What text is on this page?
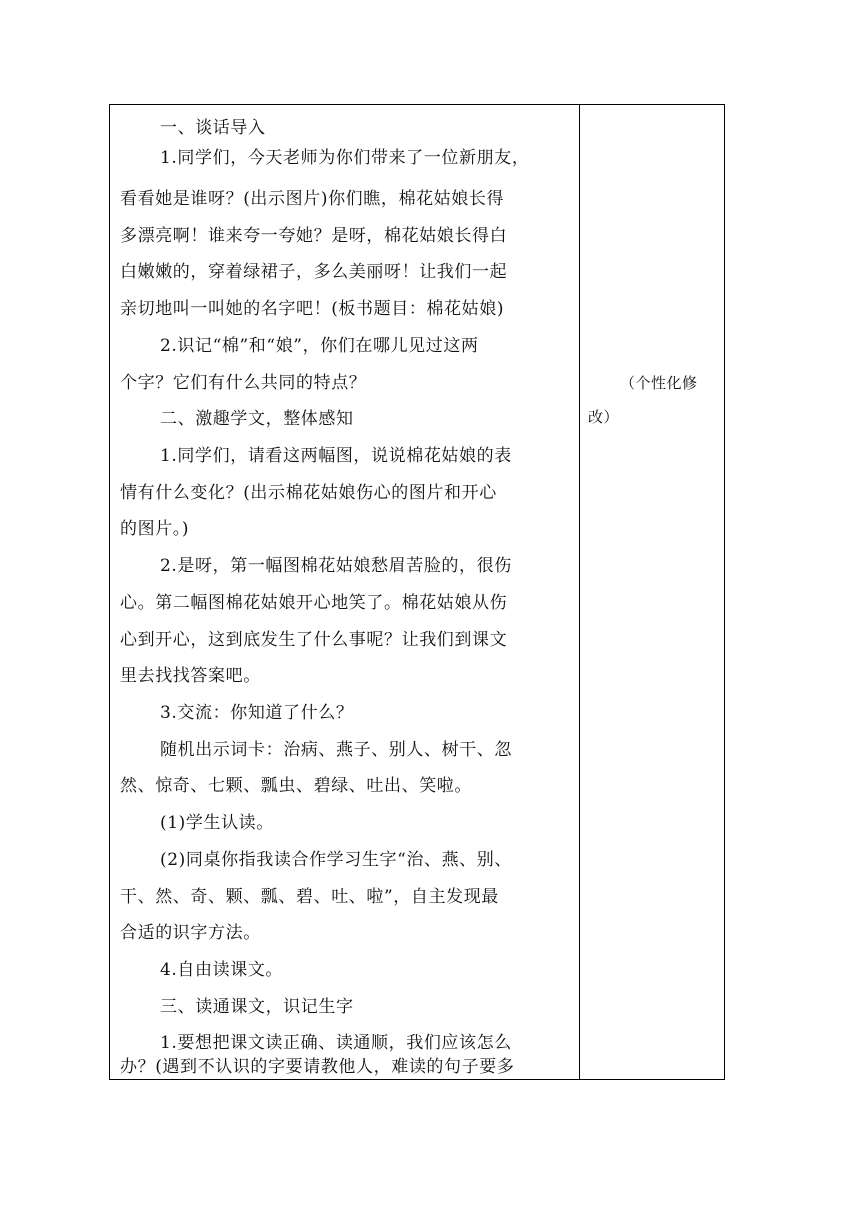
一、谈话导入
1.同学们，今天老师为你们带来了一位新朋友，
看看她是谁呀？(出示图片)你们瞧，棉花姑娘长得
多漂亮啊！谁来夸一夸她？是呀，棉花姑娘长得白
白嫩嫩的，穿着绿裙子，多么美丽呀！让我们一起
亲切地叫一叫她的名字吧！(板书题目：棉花姑娘)
2.识记“棉”和“娘”，你们在哪儿见过这两
个字？它们有什么共同的特点？
二、激趣学文，整体感知
1.同学们，请看这两幅图，说说棉花姑娘的表
情有什么变化？(出示棉花姑娘伤心的图片和开心
的图片。)
2.是呀，第一幅图棉花姑娘愁眉苦脸的，很伤
心。第二幅图棉花姑娘开心地笑了。棉花姑娘从伤
心到开心，这到底发生了什么事呢？让我们到课文
里去找找答案吧。
3.交流：你知道了什么？
随机出示词卡：治病、燕子、别人、树干、忽
然、惊奇、七颗、瓢虫、碧绿、吐出、笑啦。
(1)学生认读。
(2)同桌你指我读合作学习生字“治、燕、别、
干、然、奇、颗、瓢、碧、吐、啦”，自主发现最
合适的识字方法。
4.自由读课文。
三、读通课文，识记生字
1.要想把课文读正确、读通顺，我们应该怎么
办？(遇到不认识的字要请教他人，难读的句子要多
（个性化修
改）
